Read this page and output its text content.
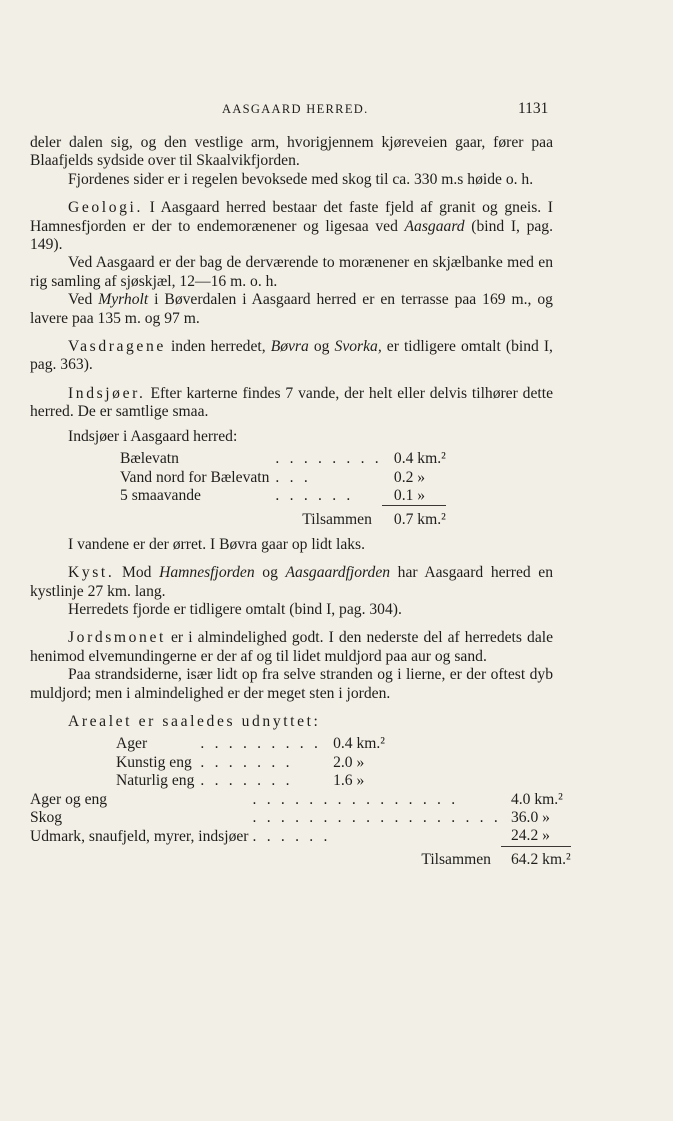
AASGAARD HERRED.	1131

deler dalen sig, og den vestlige arm, hvorigjennem kjøreveien gaar, fører paa Blaafjelds sydside over til Skaalvikfjorden.

Fjordenes sider er i regelen bevoksede med skog til ca. 330 m.s høide o. h.

Geologi. I Aasgaard herred bestaar det faste fjeld af granit og gneis. I Hamnesfjorden er der to endemorænener og ligesaa ved Aasgaard (bind I, pag. 149).

Ved Aasgaard er der bag de derværende to morænener en skjælbanke med en rig samling af sjøskjæl, 12—16 m. o. h.

Ved Myrholt i Bøverdalen i Aasgaard herred er en terrasse paa 169 m., og lavere paa 135 m. og 97 m.

Vasdragene inden herredet, Bøvra og Svorka, er tidligere omtalt (bind I, pag. 363).

Indsjøer. Efter karterne findes 7 vande, der helt eller delvis tilhører dette herred. De er samtlige smaa.

Indsjøer i Aasgaard herred:

Bælevatn	. . . . . . . .	0.4 km.²
Vand nord for Bælevatn	. . .	0.2 »
5 smaavande	. . . . . .	0.1 »
Tilsammen		0.7 km.²

I vandene er der ørret. I Bøvra gaar op lidt laks.

Kyst. Mod Hamnesfjorden og Aasgaardfjorden har Aasgaard herred en kystlinje 27 km. lang.

Herredets fjorde er tidligere omtalt (bind I, pag. 304).

Jordsmonet er i almindelighed godt. I den nederste del af herredets dale henimod elvemundingerne er der af og til lidet muldjord paa aur og sand.

Paa strandsiderne, især lidt op fra selve stranden og i lierne, er der oftest dyb muldjord; men i almindelighed er der meget sten i jorden.

Arealet er saaledes udnyttet:

Ager	. . . . . . . . .	0.4 km.²
Kunstig eng	. . . . . . .	2.0 »
Naturlig eng	. . . . . . .	1.6 »
Ager og eng	. . . . . . . . . . . . . . .	4.0 km.²
Skog	. . . . . . . . . . . . . . . . . .	36.0 »
Udmark, snaufjeld, myrer, indsjøer	. . . . . .	24.2 »
Tilsammen		64.2 km.²
